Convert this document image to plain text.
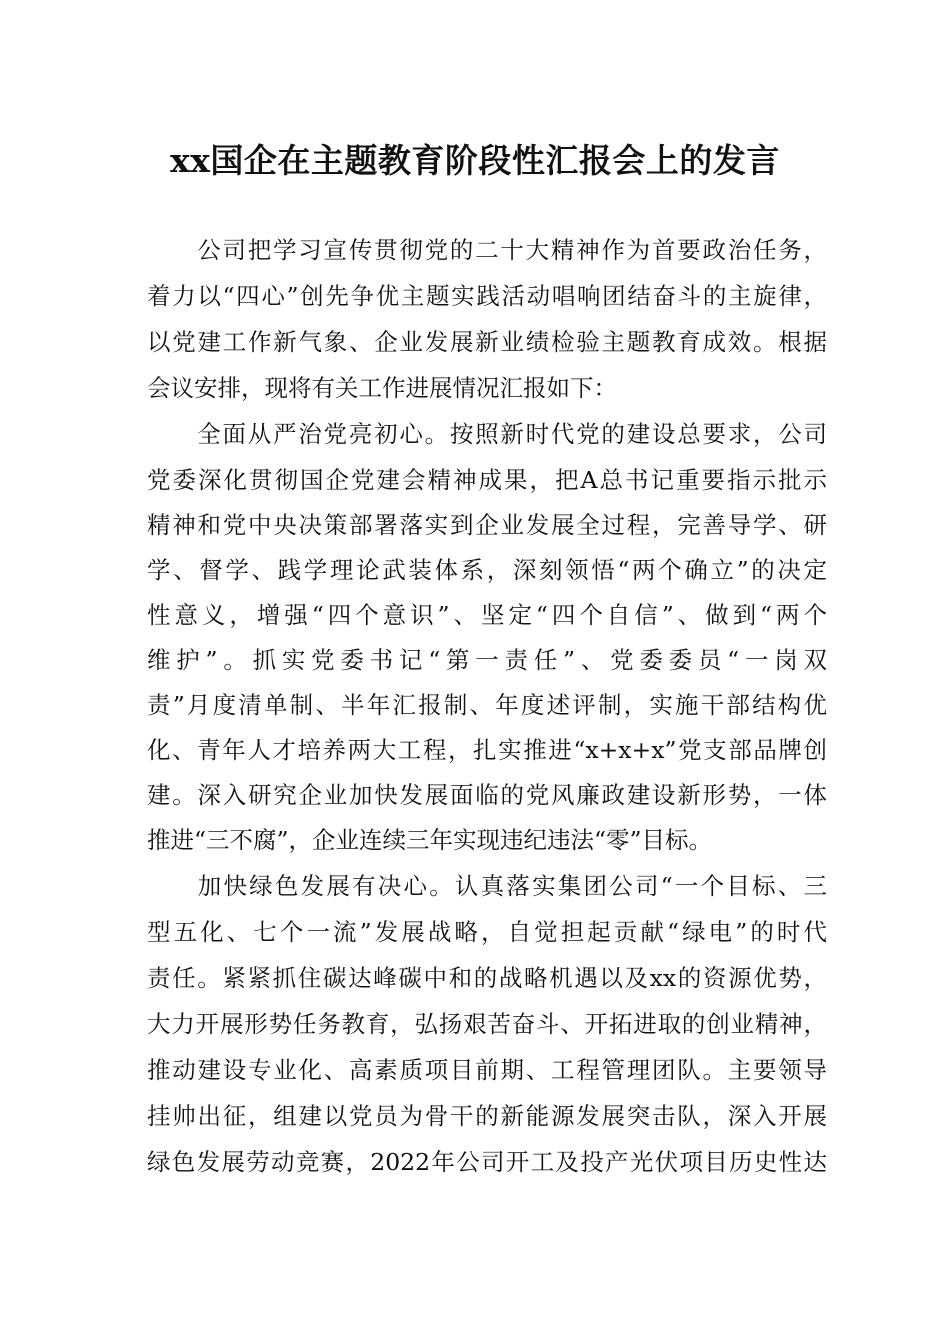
xx国企在主题教育阶段性汇报会上的发言
　公司把学习宣传贯彻党的二十大精神作为首要政治任务，
着力以“四心”创先争优主题实践活动唱响团结奋斗的主旋律，
以党建工作新气象、企业发展新业绩检验主题教育成效。根据
会议安排，现将有关工作进展情况汇报如下：
　全面从严治党亮初心。按照新时代党的建设总要求，公司
党委深化贯彻国企党建会精神成果，把A总书记重要指示批示
精神和党中央决策部署落实到企业发展全过程，完善导学、研
学、督学、践学理论武装体系，深刻领悟“两个确立”的决定
性意义，增强“四个意识”、坚定“四个自信”、做到“两个
维护”。抓实党委书记“第一责任”、党委委员“一岗双
责”月度清单制、半年汇报制、年度述评制，实施干部结构优
化、青年人才培养两大工程，扎实推进“x+x+x”党支部品牌创
建。深入研究企业加快发展面临的党风廉政建设新形势，一体
推进“三不腐”，企业连续三年实现违纪违法“零”目标。
　加快绿色发展有决心。认真落实集团公司“一个目标、三
型五化、七个一流”发展战略，自觉担起贡献“绿电”的时代
责任。紧紧抓住碳达峰碳中和的战略机遇以及xx的资源优势，
大力开展形势任务教育，弘扬艰苦奋斗、开拓进取的创业精神，
推动建设专业化、高素质项目前期、工程管理团队。主要领导
挂帅出征，组建以党员为骨干的新能源发展突击队，深入开展
绿色发展劳动竞赛，2022年公司开工及投产光伏项目历史性达
